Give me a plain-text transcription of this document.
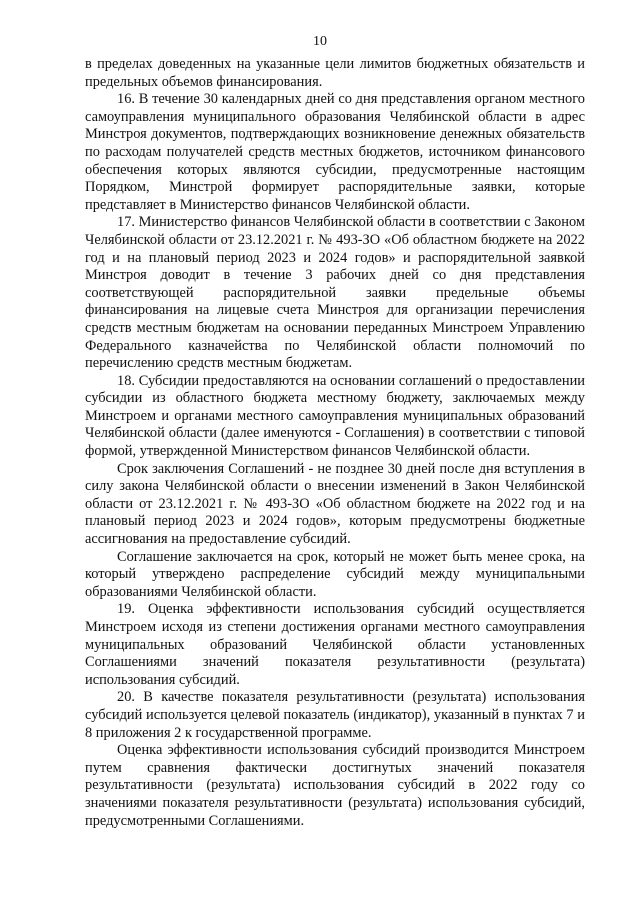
10

в пределах доведенных на указанные цели лимитов бюджетных обязательств и предельных объемов финансирования.

16. В течение 30 календарных дней со дня представления органом местного самоуправления муниципального образования Челябинской области в адрес Минстроя документов, подтверждающих возникновение денежных обязательств по расходам получателей средств местных бюджетов, источником финансового обеспечения которых являются субсидии, предусмотренные настоящим Порядком, Минстрой формирует распорядительные заявки, которые представляет в Министерство финансов Челябинской области.

17. Министерство финансов Челябинской области в соответствии с Законом Челябинской области от 23.12.2021 г. № 493-ЗО «Об областном бюджете на 2022 год и на плановый период 2023 и 2024 годов» и распорядительной заявкой Минстроя доводит в течение 3 рабочих дней со дня представления соответствующей распорядительной заявки предельные объемы финансирования на лицевые счета Минстроя для организации перечисления средств местным бюджетам на основании переданных Минстроем Управлению Федерального казначейства по Челябинской области полномочий по перечислению средств местным бюджетам.

18. Субсидии предоставляются на основании соглашений о предоставлении субсидии из областного бюджета местному бюджету, заключаемых между Минстроем и органами местного самоуправления муниципальных образований Челябинской области (далее именуются - Соглашения) в соответствии с типовой формой, утвержденной Министерством финансов Челябинской области.

Срок заключения Соглашений - не позднее 30 дней после дня вступления в силу закона Челябинской области о внесении изменений в Закон Челябинской области от 23.12.2021 г. № 493-ЗО «Об областном бюджете на 2022 год и на плановый период 2023 и 2024 годов», которым предусмотрены бюджетные ассигнования на предоставление субсидий.

Соглашение заключается на срок, который не может быть менее срока, на который утверждено распределение субсидий между муниципальными образованиями Челябинской области.

19. Оценка эффективности использования субсидий осуществляется Минстроем исходя из степени достижения органами местного самоуправления муниципальных образований Челябинской области установленных Соглашениями значений показателя результативности (результата) использования субсидий.

20. В качестве показателя результативности (результата) использования субсидий используется целевой показатель (индикатор), указанный в пунктах 7 и 8 приложения 2 к государственной программе.

Оценка эффективности использования субсидий производится Минстроем путем сравнения фактически достигнутых значений показателя результативности (результата) использования субсидий в 2022 году со значениями показателя результативности (результата) использования субсидий, предусмотренными Соглашениями.
